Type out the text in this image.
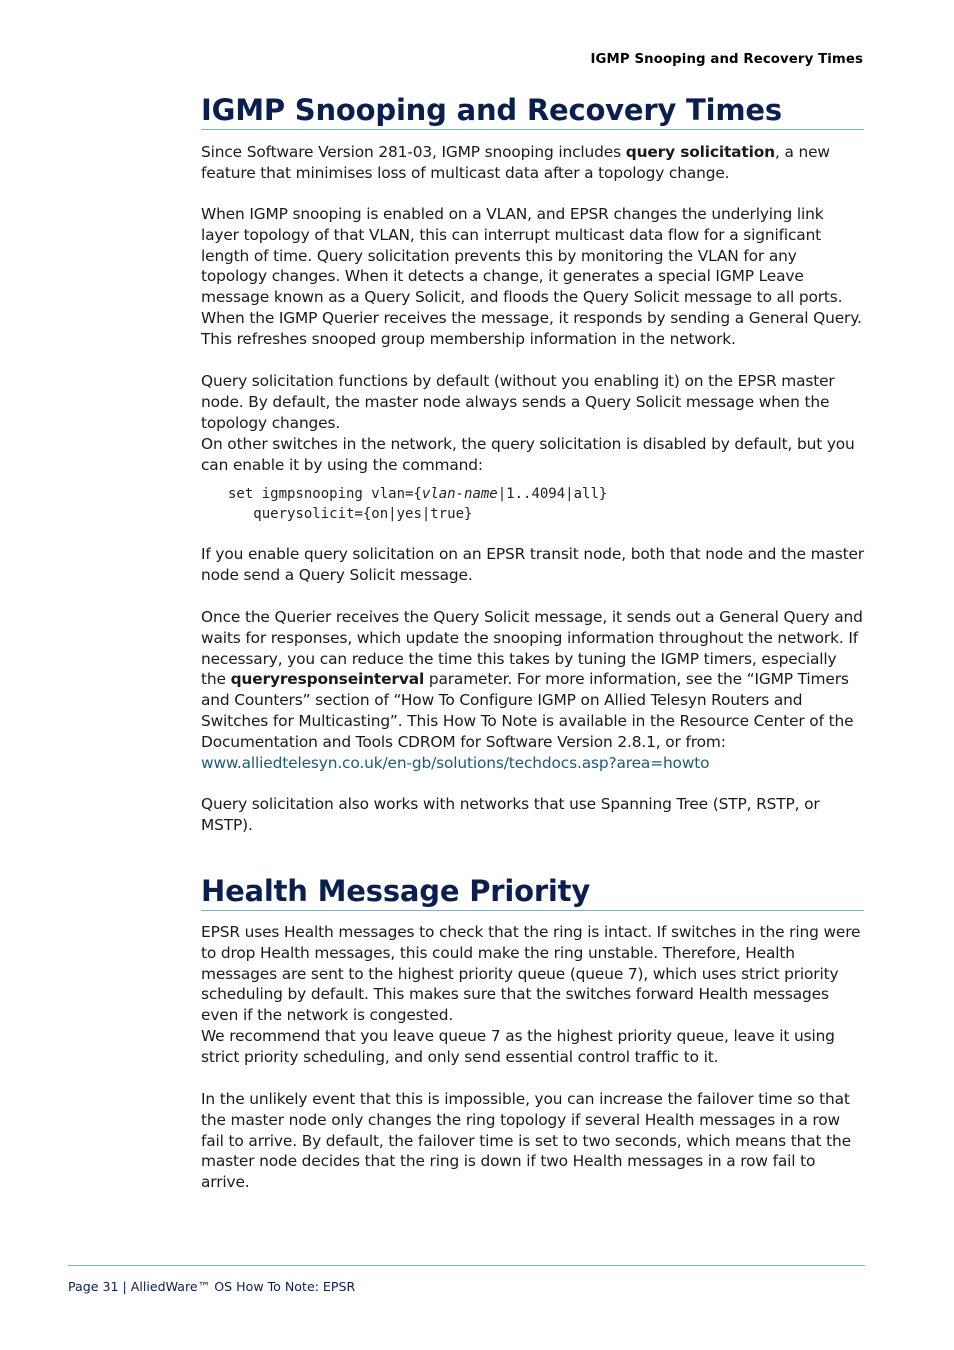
IGMP Snooping and Recovery Times
IGMP Snooping and Recovery Times

Since Software Version 281-03, IGMP snooping includes query solicitation, a new feature that minimises loss of multicast data after a topology change.

When IGMP snooping is enabled on a VLAN, and EPSR changes the underlying link layer topology of that VLAN, this can interrupt multicast data flow for a significant length of time. Query solicitation prevents this by monitoring the VLAN for any topology changes. When it detects a change, it generates a special IGMP Leave message known as a Query Solicit, and floods the Query Solicit message to all ports. When the IGMP Querier receives the message, it responds by sending a General Query. This refreshes snooped group membership information in the network.

Query solicitation functions by default (without you enabling it) on the EPSR master node. By default, the master node always sends a Query Solicit message when the topology changes.

On other switches in the network, the query solicitation is disabled by default, but you can enable it by using the command:

set igmpsnooping vlan={vlan-name|1..4094|all}
querysolicit={on|yes|true}

If you enable query solicitation on an EPSR transit node, both that node and the master node send a Query Solicit message.

Once the Querier receives the Query Solicit message, it sends out a General Query and waits for responses, which update the snooping information throughout the network. If necessary, you can reduce the time this takes by tuning the IGMP timers, especially the queryresponseinterval parameter. For more information, see the “IGMP Timers and Counters” section of “How To Configure IGMP on Allied Telesyn Routers and Switches for Multicasting”. This How To Note is available in the Resource Center of the Documentation and Tools CDROM for Software Version 2.8.1, or from:
www.alliedtelesyn.co.uk/en-gb/solutions/techdocs.asp?area=howto

Query solicitation also works with networks that use Spanning Tree (STP, RSTP, or MSTP).

Health Message Priority

EPSR uses Health messages to check that the ring is intact. If switches in the ring were to drop Health messages, this could make the ring unstable. Therefore, Health messages are sent to the highest priority queue (queue 7), which uses strict priority scheduling by default. This makes sure that the switches forward Health messages even if the network is congested.

We recommend that you leave queue 7 as the highest priority queue, leave it using strict priority scheduling, and only send essential control traffic to it.

In the unlikely event that this is impossible, you can increase the failover time so that the master node only changes the ring topology if several Health messages in a row fail to arrive. By default, the failover time is set to two seconds, which means that the master node decides that the ring is down if two Health messages in a row fail to arrive.

Page 31 | AlliedWare™ OS How To Note: EPSR
